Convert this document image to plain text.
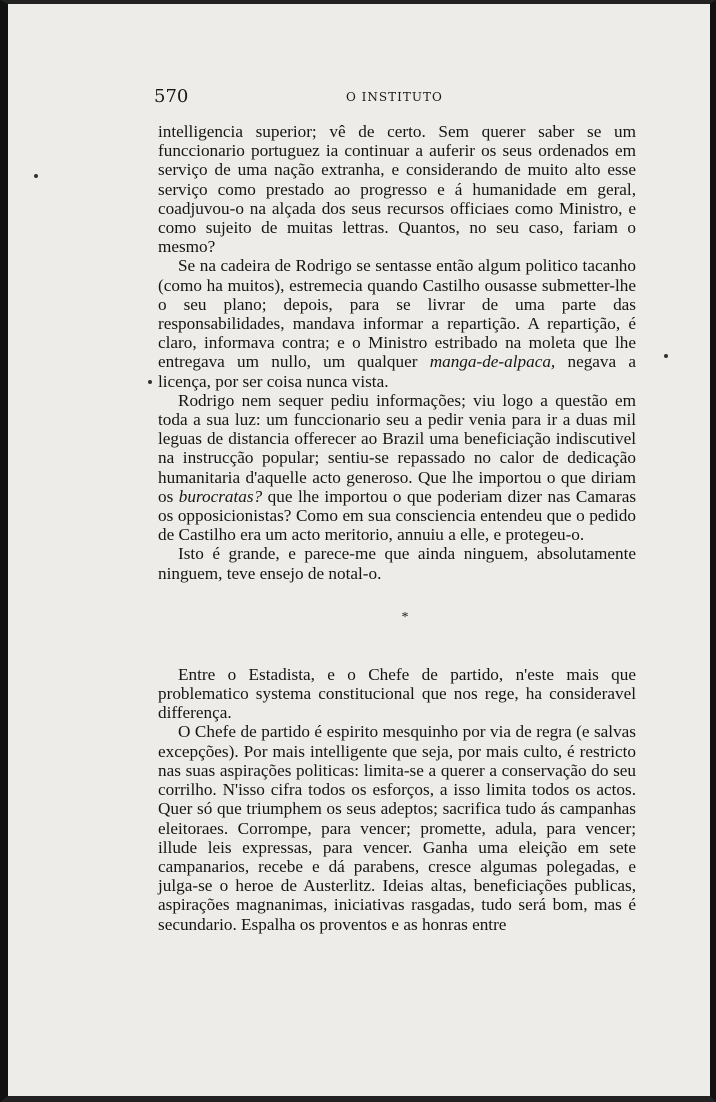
570	O INSTITUTO

intelligencia superior; vê de certo. Sem querer saber se um funccionario portuguez ia continuar a auferir os seus ordenados em serviço de uma nação extranha, e considerando de muito alto esse serviço como prestado ao progresso e á humanidade em geral, coadjuvou-o na alçada dos seus recursos officiaes como Ministro, e como sujeito de muitas lettras. Quantos, no seu caso, fariam o mesmo?

Se na cadeira de Rodrigo se sentasse então algum politico tacanho (como ha muitos), estremecia quando Castilho ousasse submetter-lhe o seu plano; depois, para se livrar de uma parte das responsabilidades, mandava informar a repartição. A repartição, é claro, informava contra; e o Ministro estribado na moleta que lhe entregava um nullo, um qualquer manga-de-alpaca, negava a licença, por ser coisa nunca vista.

Rodrigo nem sequer pediu informações; viu logo a questão em toda a sua luz: um funccionario seu a pedir venia para ir a duas mil leguas de distancia offerecer ao Brazil uma beneficiação indiscutivel na instrucção popular; sentiu-se repassado no calor de dedicação humanitaria d'aquelle acto generoso. Que lhe importou o que diriam os burocratas? que lhe importou o que poderiam dizer nas Camaras os opposicionistas? Como em sua consciencia entendeu que o pedido de Castilho era um acto meritorio, annuiu a elle, e protegeu-o.

Isto é grande, e parece-me que ainda ninguem, absolutamente ninguem, teve ensejo de notal-o.

*

Entre o Estadista, e o Chefe de partido, n'este mais que problematico systema constitucional que nos rege, ha consideravel differença.

O Chefe de partido é espirito mesquinho por via de regra (e salvas excepções). Por mais intelligente que seja, por mais culto, é restricto nas suas aspirações politicas: limita-se a querer a conservação do seu corrilho. N'isso cifra todos os esforços, a isso limita todos os actos. Quer só que triumphem os seus adeptos; sacrifica tudo ás campanhas eleitoraes. Corrompe, para vencer; promette, adula, para vencer; illude leis expressas, para vencer. Ganha uma eleição em sete campanarios, recebe e dá parabens, cresce algumas polegadas, e julga-se o heroe de Austerlitz. Ideias altas, beneficiações publicas, aspirações magnanimas, iniciativas rasgadas, tudo será bom, mas é secundario. Espalha os proventos e as honras entre
